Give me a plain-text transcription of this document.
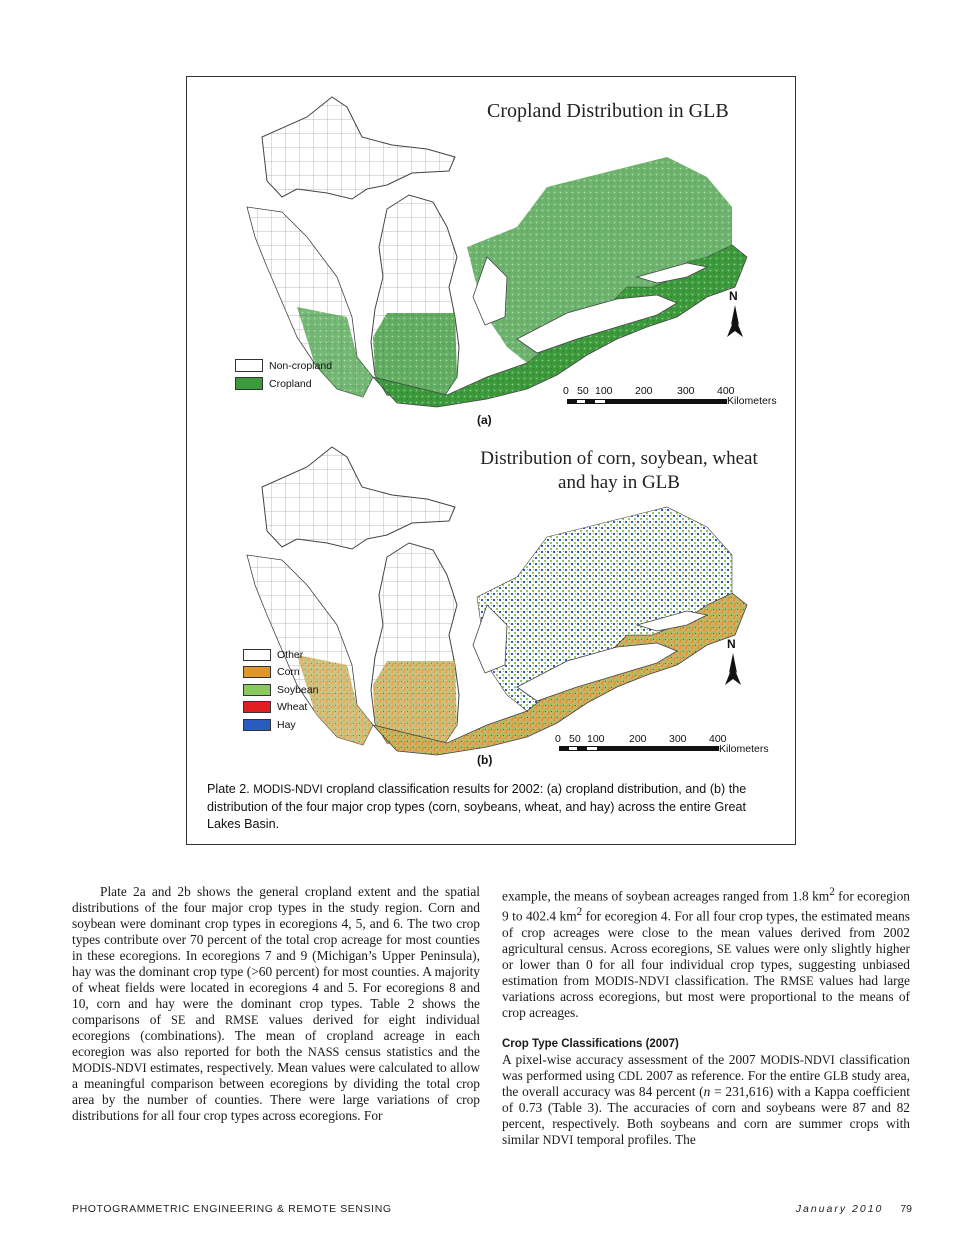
Cropland Distribution in GLB
Distribution of corn, soybean, wheat and hay in GLB
Non-cropland
Cropland
Other
Corn
Soybean
Wheat
Hay
N
N
0 50 100 200 300 400
Kilometers
(a)
0 50 100 200 300 400
Kilometers
(b)
Plate 2. MODIS-NDVI cropland classification results for 2002: (a) cropland distribution, and (b) the distribution of the four major crop types (corn, soybeans, wheat, and hay) across the entire Great Lakes Basin.

Plate 2a and 2b shows the general cropland extent and the spatial distributions of the four major crop types in the study region. Corn and soybean were dominant crop types in ecoregions 4, 5, and 6. The two crop types contribute over 70 percent of the total crop acreage for most counties in these ecoregions. In ecoregions 7 and 9 (Michigan’s Upper Peninsula), hay was the dominant crop type (>60 percent) for most counties. A majority of wheat fields were located in ecoregions 4 and 5. For ecoregions 8 and 10, corn and hay were the dominant crop types. Table 2 shows the comparisons of SE and RMSE values derived for eight individual ecoregions (combinations). The mean of cropland acreage in each ecoregion was also reported for both the NASS census statistics and the MODIS-NDVI estimates, respectively. Mean values were calculated to allow a meaningful comparison between ecoregions by dividing the total crop area by the number of counties. There were large variations of crop distributions for all four crop types across ecoregions. For

example, the means of soybean acreages ranged from 1.8 $km^2$ for ecoregion 9 to 402.4 $km^2$ for ecoregion 4. For all four crop types, the estimated means of crop acreages were close to the mean values derived from 2002 agricultural census. Across ecoregions, SE values were only slightly higher or lower than 0 for all four individual crop types, suggesting unbiased estimation from MODIS-NDVI classification. The RMSE values had large variations across ecoregions, but most were proportional to the means of crop acreages.

Crop Type Classifications (2007)

A pixel-wise accuracy assessment of the 2007 MODIS-NDVI classification was performed using CDL 2007 as reference. For the entire GLB study area, the overall accuracy was 84 percent (n = 231,616) with a Kappa coefficient of 0.73 (Table 3). The accuracies of corn and soybeans were 87 and 82 percent, respectively. Both soybeans and corn are summer crops with similar NDVI temporal profiles. The

PHOTOGRAMMETRIC ENGINEERING & REMOTE SENSING	January 2010 79
